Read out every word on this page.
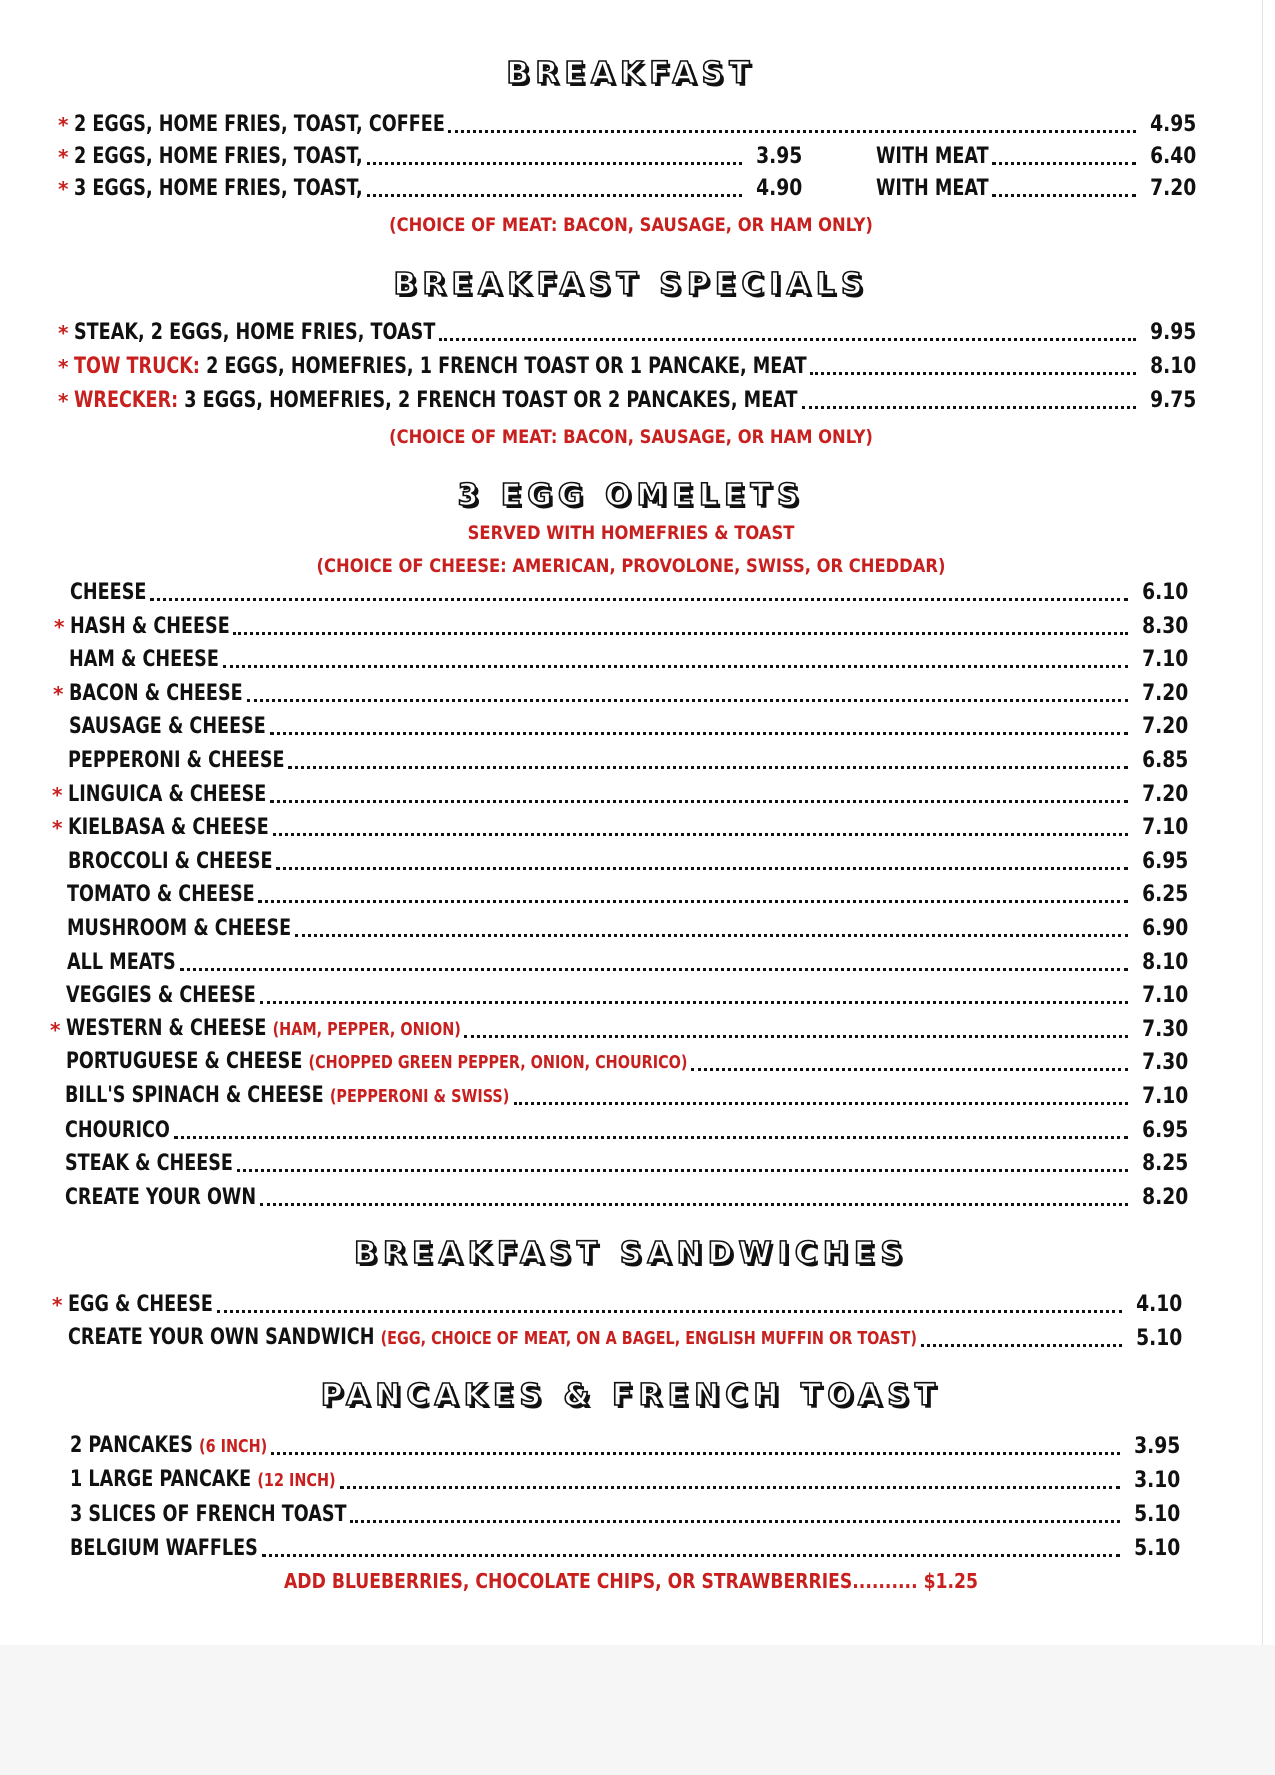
BREAKFAST
* 2 EGGS, HOME FRIES, TOAST, COFFEE	4.95
* 2 EGGS, HOME FRIES, TOAST,	3.95	WITH MEAT	6.40
* 3 EGGS, HOME FRIES, TOAST,	4.90	WITH MEAT	7.20
(CHOICE OF MEAT: BACON, SAUSAGE, OR HAM ONLY)
BREAKFAST SPECIALS
* STEAK, 2 EGGS, HOME FRIES, TOAST	9.95
* TOW TRUCK: 2 EGGS, HOMEFRIES, 1 FRENCH TOAST OR 1 PANCAKE, MEAT	8.10
* WRECKER: 3 EGGS, HOMEFRIES, 2 FRENCH TOAST OR 2 PANCAKES, MEAT	9.75
(CHOICE OF MEAT: BACON, SAUSAGE, OR HAM ONLY)
3 EGG OMELETS
SERVED WITH HOMEFRIES & TOAST
(CHOICE OF CHEESE: AMERICAN, PROVOLONE, SWISS, OR CHEDDAR)
CHEESE	6.10
* HASH & CHEESE	8.30
HAM & CHEESE	7.10
* BACON & CHEESE	7.20
SAUSAGE & CHEESE	7.20
PEPPERONI & CHEESE	6.85
* LINGUICA & CHEESE	7.20
* KIELBASA & CHEESE	7.10
BROCCOLI & CHEESE	6.95
TOMATO & CHEESE	6.25
MUSHROOM & CHEESE	6.90
ALL MEATS	8.10
VEGGIES & CHEESE	7.10
* WESTERN & CHEESE (HAM, PEPPER, ONION)	7.30
PORTUGUESE & CHEESE (CHOPPED GREEN PEPPER, ONION, CHOURICO)	7.30
BILL'S SPINACH & CHEESE (PEPPERONI & SWISS)	7.10
CHOURICO	6.95
STEAK & CHEESE	8.25
CREATE YOUR OWN	8.20
BREAKFAST SANDWICHES
* EGG & CHEESE	4.10
CREATE YOUR OWN SANDWICH (EGG, CHOICE OF MEAT, ON A BAGEL, ENGLISH MUFFIN OR TOAST)	5.10
PANCAKES & FRENCH TOAST
2 PANCAKES (6 INCH)	3.95
1 LARGE PANCAKE (12 INCH)	3.10
3 SLICES OF FRENCH TOAST	5.10
BELGIUM WAFFLES	5.10
ADD BLUEBERRIES, CHOCOLATE CHIPS, OR STRAWBERRIES.......... $1.25
